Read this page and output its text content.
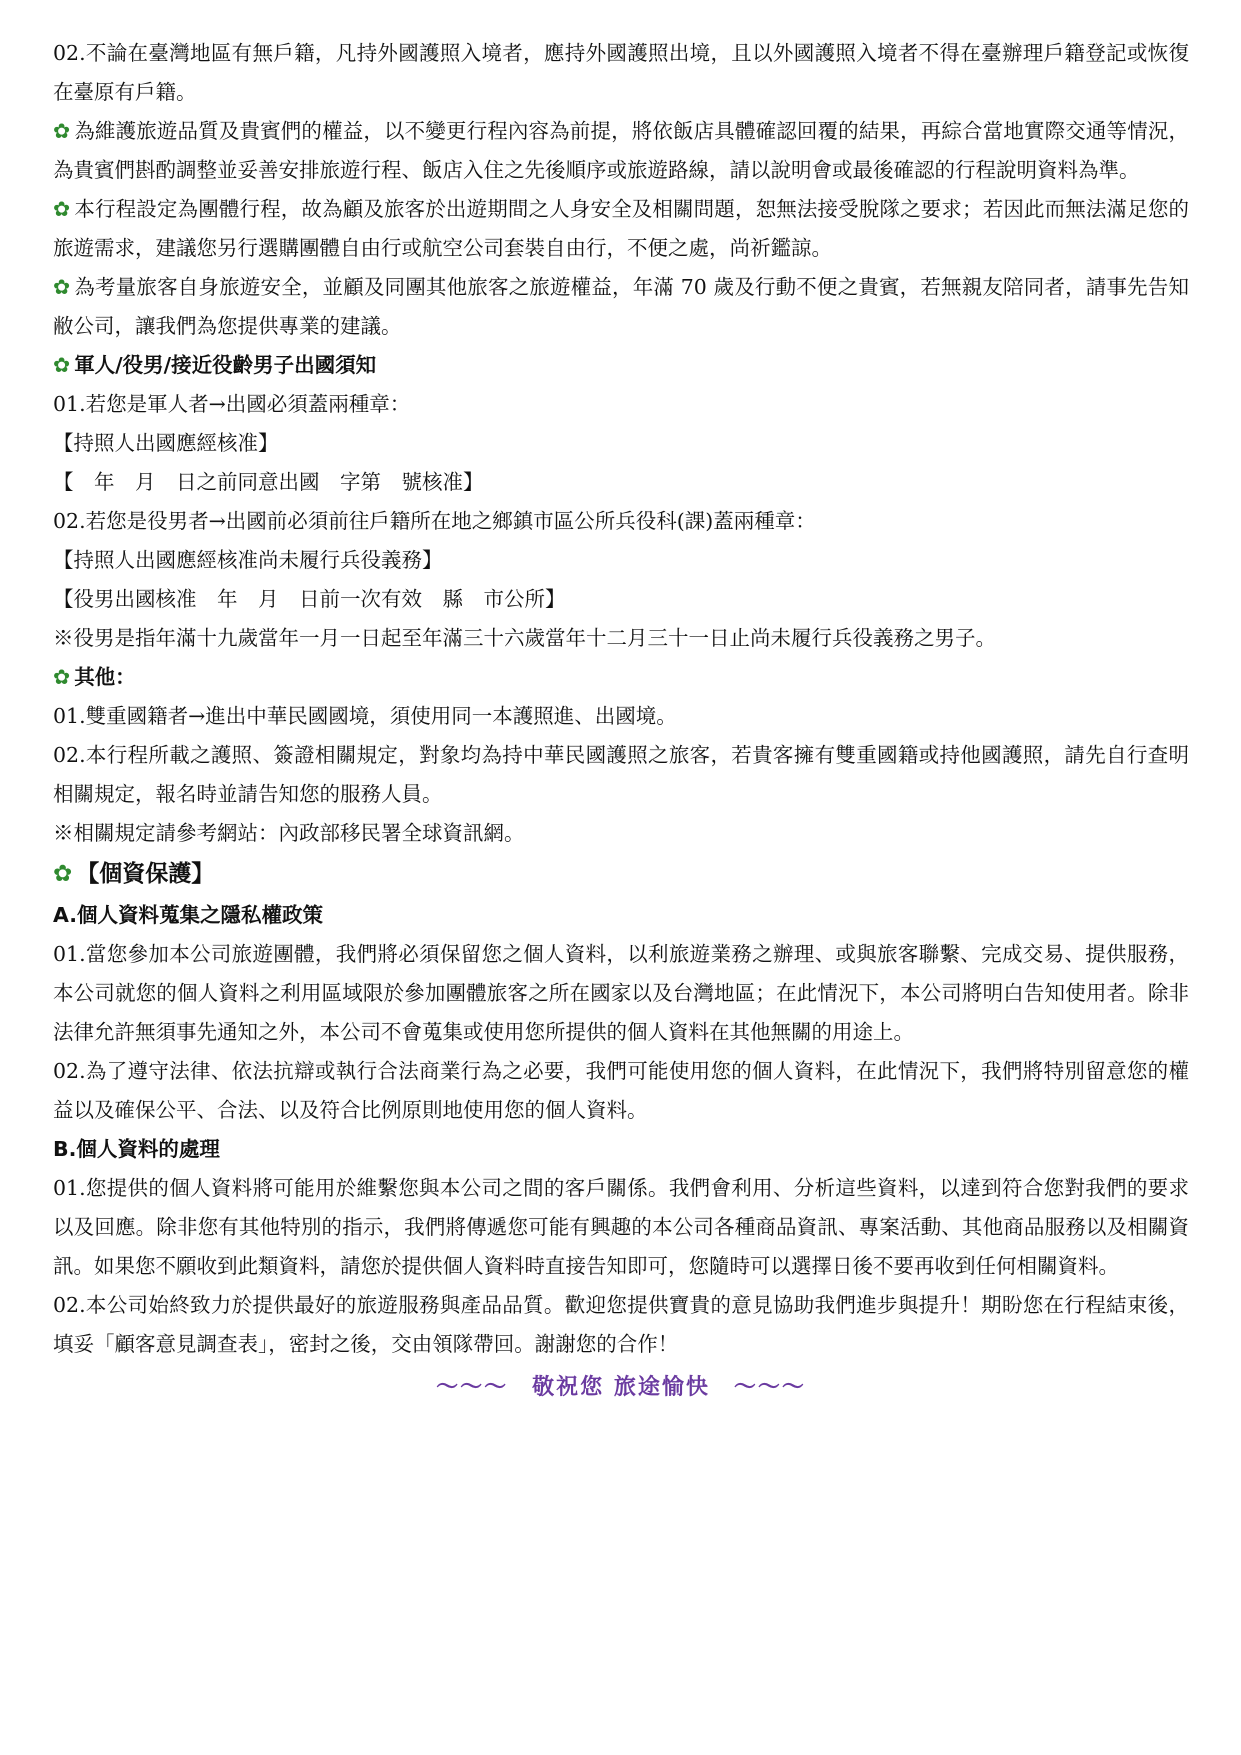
02.不論在臺灣地區有無戶籍，凡持外國護照入境者，應持外國護照出境，且以外國護照入境者不得在臺辦理戶籍登記或恢復在臺原有戶籍。

✿ 為維護旅遊品質及貴賓們的權益，以不變更行程內容為前提，將依飯店具體確認回覆的結果，再綜合當地實際交通等情況，為貴賓們斟酌調整並妥善安排旅遊行程、飯店入住之先後順序或旅遊路線，請以說明會或最後確認的行程說明資料為準。

✿ 本行程設定為團體行程，故為顧及旅客於出遊期間之人身安全及相關問題，恕無法接受脫隊之要求；若因此而無法滿足您的旅遊需求，建議您另行選購團體自由行或航空公司套裝自由行，不便之處，尚祈鑑諒。

✿ 為考量旅客自身旅遊安全，並顧及同團其他旅客之旅遊權益，年滿 70 歲及行動不便之貴賓，若無親友陪同者，請事先告知敝公司，讓我們為您提供專業的建議。

✿ 軍人/役男/接近役齡男子出國須知

01.若您是軍人者→出國必須蓋兩種章：

【持照人出國應經核准】

【　年　月　日之前同意出國　字第　號核准】

02.若您是役男者→出國前必須前往戶籍所在地之鄉鎮市區公所兵役科(課)蓋兩種章：

【持照人出國應經核准尚未履行兵役義務】

【役男出國核准　年　月　日前一次有效　縣　市公所】

※役男是指年滿十九歲當年一月一日起至年滿三十六歲當年十二月三十一日止尚未履行兵役義務之男子。

✿ 其他：

01.雙重國籍者→進出中華民國國境，須使用同一本護照進、出國境。

02.本行程所載之護照、簽證相關規定，對象均為持中華民國護照之旅客，若貴客擁有雙重國籍或持他國護照，請先自行查明相關規定，報名時並請告知您的服務人員。

※相關規定請參考網站：內政部移民署全球資訊網。

✿ 【個資保護】

A.個人資料蒐集之隱私權政策

01.當您參加本公司旅遊團體，我們將必須保留您之個人資料，以利旅遊業務之辦理、或與旅客聯繫、完成交易、提供服務，本公司就您的個人資料之利用區域限於參加團體旅客之所在國家以及台灣地區；在此情況下，本公司將明白告知使用者。除非法律允許無須事先通知之外，本公司不會蒐集或使用您所提供的個人資料在其他無關的用途上。

02.為了遵守法律、依法抗辯或執行合法商業行為之必要，我們可能使用您的個人資料，在此情況下，我們將特別留意您的權益以及確保公平、合法、以及符合比例原則地使用您的個人資料。

B.個人資料的處理

01.您提供的個人資料將可能用於維繫您與本公司之間的客戶關係。我們會利用、分析這些資料，以達到符合您對我們的要求以及回應。除非您有其他特別的指示，我們將傳遞您可能有興趣的本公司各種商品資訊、專案活動、其他商品服務以及相關資訊。如果您不願收到此類資料，請您於提供個人資料時直接告知即可，您隨時可以選擇日後不要再收到任何相關資料。

02.本公司始終致力於提供最好的旅遊服務與產品品質。歡迎您提供寶貴的意見協助我們進步與提升！期盼您在行程結束後，填妥「顧客意見調查表」，密封之後，交由領隊帶回。謝謝您的合作！

～～～　敬祝您 旅途愉快　～～～
